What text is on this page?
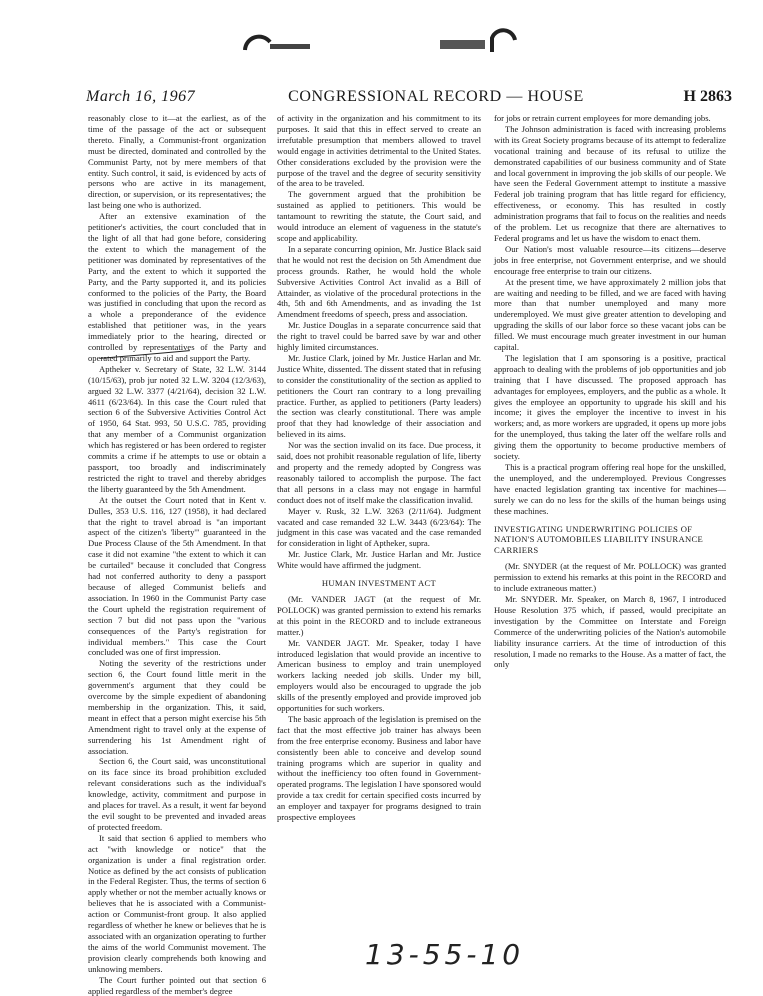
March 16, 1967	CONGRESSIONAL RECORD — HOUSE	H 2863

reasonably close to it—at the earliest, as of the time of the passage of the act or subsequent thereto. Finally, a Communist-front organization must be directed, dominated and controlled by the Communist Party, not by mere members of that entity. Such control, it said, is evidenced by acts of persons who are active in its management, direction, or supervision, or its representatives; the last being one who is authorized.

After an extensive examination of the petitioner's activities, the court concluded that in the light of all that had gone before, considering the extent to which the management of the petitioner was dominated by representatives of the Party, and the extent to which it supported the Party, and the Party supported it, and its policies conformed to the policies of the Party, the Board was justified in concluding that upon the record as a whole a preponderance of the evidence established that petitioner was, in the years immediately prior to the hearing, directed or controlled by representatives of the Party and operated primarily to aid and support the Party.

Aptheker v. Secretary of State, 32 L.W. 3144 (10/15/63), prob jur noted 32 L.W. 3204 (12/3/63), argued 32 L.W. 3377 (4/21/64), decision 32 L.W. 4611 (6/23/64). In this case the Court ruled that section 6 of the Subversive Activities Control Act of 1950, 64 Stat. 993, 50 U.S.C. 785, providing that any member of a Communist organization which has registered or has been ordered to register commits a crime if he attempts to use or obtain a passport, too broadly and indiscriminately restricted the right to travel and thereby abridges the liberty guaranteed by the 5th Amendment.

At the outset the Court noted that in Kent v. Dulles, 353 U.S. 116, 127 (1958), it had declared that the right to travel abroad is "an important aspect of the citizen's 'liberty'" guaranteed in the Due Process Clause of the 5th Amendment. In that case it did not examine "the extent to which it can be curtailed" because it concluded that Congress had not conferred authority to deny a passport because of alleged Communist beliefs and association. In 1960 in the Communist Party case the Court upheld the registration requirement of section 7 but did not pass upon the "various consequences of the Party's registration for individual members." This case the Court concluded was one of first impression.

Noting the severity of the restrictions under section 6, the Court found little merit in the government's argument that they could be overcome by the simple expedient of abandoning membership in the organization. This, it said, meant in effect that a person might exercise his 5th Amendment right to travel only at the expense of surrendering his 1st Amendment right of association.

Section 6, the Court said, was unconstitutional on its face since its broad prohibition excluded relevant considerations such as the individual's knowledge, activity, commitment and purpose in and places for travel. As a result, it went far beyond the evil sought to be prevented and invaded areas of protected freedom.

It said that section 6 applied to members who act "with knowledge or notice" that the organization is under a final registration order. Notice as defined by the act consists of publication in the Federal Register. Thus, the terms of section 6 apply whether or not the member actually knows or believes that he is associated with a Communist-action or Communist-front group. It also applied regardless of whether he knew or believes that he is associated with an organization operating to further the aims of the world Communist movement. The provision clearly comprehends both knowing and unknowing members.

The Court further pointed out that section 6 applied regardless of the member's degree

of activity in the organization and his commitment to its purposes. It said that this in effect served to create an irrefutable presumption that members allowed to travel would engage in activities detrimental to the United States. Other considerations excluded by the provision were the purpose of the travel and the degree of security sensitivity of the area to be traveled.

The government argued that the prohibition be sustained as applied to petitioners. This would be tantamount to rewriting the statute, the Court said, and would introduce an element of vagueness in the statute's scope and applicability.

In a separate concurring opinion, Mr. Justice Black said that he would not rest the decision on 5th Amendment due process grounds. Rather, he would hold the whole Subversive Activities Control Act invalid as a Bill of Attainder, as violative of the procedural protections in the 4th, 5th and 6th Amendments, and as invading the 1st Amendment freedoms of speech, press and association.

Mr. Justice Douglas in a separate concurrence said that the right to travel could be barred save by war and other highly limited circumstances.

Mr. Justice Clark, joined by Mr. Justice Harlan and Mr. Justice White, dissented. The dissent stated that in refusing to consider the constitutionality of the section as applied to petitioners the Court ran contrary to a long prevailing practice. Further, as applied to petitioners (Party leaders) the section was clearly constitutional. There was ample proof that they had knowledge of their association and believed in its aims.

Nor was the section invalid on its face. Due process, it said, does not prohibit reasonable regulation of life, liberty and property and the remedy adopted by Congress was reasonably tailored to accomplish the purpose. The fact that all persons in a class may not engage in harmful conduct does not of itself make the classification invalid.

Mayer v. Rusk, 32 L.W. 3263 (2/11/64). Judgment vacated and case remanded 32 L.W. 3443 (6/23/64): The judgment in this case was vacated and the case remanded for consideration in light of Aptheker, supra.

Mr. Justice Clark, Mr. Justice Harlan and Mr. Justice White would have affirmed the judgment.

HUMAN INVESTMENT ACT

(Mr. VANDER JAGT (at the request of Mr. POLLOCK) was granted permission to extend his remarks at this point in the RECORD and to include extraneous matter.)

Mr. VANDER JAGT. Mr. Speaker, today I have introduced legislation that would provide an incentive to American business to employ and train unemployed workers lacking needed job skills. Under my bill, employers would also be encouraged to upgrade the job skills of the presently employed and provide improved job opportunities for such workers.

The basic approach of the legislation is premised on the fact that the most effective job trainer has always been from the free enterprise economy. Business and labor have consistently been able to conceive and develop sound training programs which are superior in quality and without the inefficiency too often found in Government-operated programs. The legislation I have sponsored would provide a tax credit for certain specified costs incurred by an employer and taxpayer for programs designed to train prospective employees

for jobs or retrain current employees for more demanding jobs.

The Johnson administration is faced with increasing problems with its Great Society programs because of its attempt to federalize vocational training and because of its refusal to utilize the demonstrated capabilities of our business community and of State and local government in improving the job skills of our people. We have seen the Federal Government attempt to institute a massive Federal job training program that has little regard for efficiency, effectiveness, or economy. This has resulted in costly administration programs that fail to focus on the realities and needs of the problem. Let us recognize that there are alternatives to Federal programs and let us have the wisdom to enact them.

Our Nation's most valuable resource—its citizens—deserve jobs in free enterprise, not Government enterprise, and we should encourage free enterprise to train our citizens.

At the present time, we have approximately 2 million jobs that are waiting and needing to be filled, and we are faced with having more than that number unemployed and many more underemployed. We must give greater attention to developing and upgrading the skills of our labor force so these vacant jobs can be filled. We must encourage much greater investment in our human capital.

The legislation that I am sponsoring is a positive, practical approach to dealing with the problems of job opportunities and job training that I have discussed. The proposed approach has advantages for employees, employers, and the public as a whole. It gives the employee an opportunity to upgrade his skill and his income; it gives the employer the incentive to invest in his workers; and, as more workers are upgraded, it opens up more jobs for the unemployed, thus taking the later off the welfare rolls and giving them the opportunity to become productive members of society.

This is a practical program offering real hope for the unskilled, the unemployed, and the underemployed. Previous Congresses have enacted legislation granting tax incentive for machines—surely we can do no less for the skills of the human beings using these machines.

INVESTIGATING UNDERWRITING POLICIES OF NATION'S AUTOMOBILES LIABILITY INSURANCE CARRIERS

(Mr. SNYDER (at the request of Mr. POLLOCK) was granted permission to extend his remarks at this point in the RECORD and to include extraneous matter.)

Mr. SNYDER. Mr. Speaker, on March 8, 1967, I introduced House Resolution 375 which, if passed, would precipitate an investigation by the Committee on Interstate and Foreign Commerce of the underwriting policies of the Nation's automobile liability insurance carriers. At the time of introduction of this resolution, I made no remarks to the House. As a matter of fact, the only

13-55-10
